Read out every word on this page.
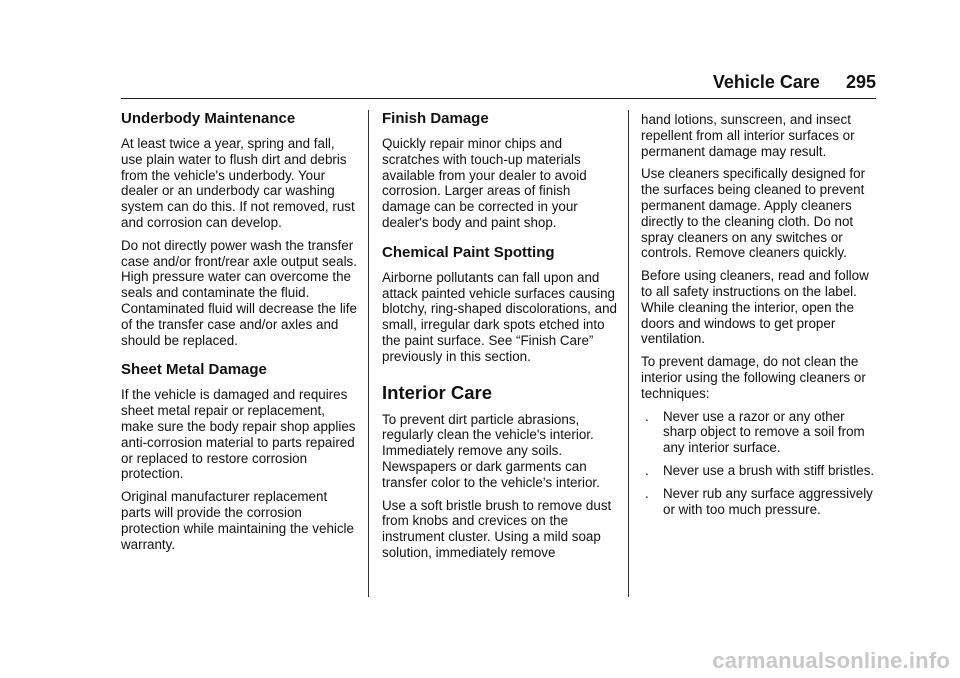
Vehicle Care 295
Underbody Maintenance

At least twice a year, spring and fall, use plain water to flush dirt and debris from the vehicle's underbody. Your dealer or an underbody car washing system can do this. If not removed, rust and corrosion can develop.

Do not directly power wash the transfer case and/or front/rear axle output seals. High pressure water can overcome the seals and contaminate the fluid. Contaminated fluid will decrease the life of the transfer case and/or axles and should be replaced.

Sheet Metal Damage

If the vehicle is damaged and requires sheet metal repair or replacement, make sure the body repair shop applies anti-corrosion material to parts repaired or replaced to restore corrosion protection.

Original manufacturer replacement parts will provide the corrosion protection while maintaining the vehicle warranty.

Finish Damage

Quickly repair minor chips and scratches with touch-up materials available from your dealer to avoid corrosion. Larger areas of finish damage can be corrected in your dealer's body and paint shop.

Chemical Paint Spotting

Airborne pollutants can fall upon and attack painted vehicle surfaces causing blotchy, ring-shaped discolorations, and small, irregular dark spots etched into the paint surface. See “Finish Care” previously in this section.

Interior Care

To prevent dirt particle abrasions, regularly clean the vehicle's interior. Immediately remove any soils. Newspapers or dark garments can transfer color to the vehicle’s interior.

Use a soft bristle brush to remove dust from knobs and crevices on the instrument cluster. Using a mild soap solution, immediately remove

hand lotions, sunscreen, and insect repellent from all interior surfaces or permanent damage may result.

Use cleaners specifically designed for the surfaces being cleaned to prevent permanent damage. Apply cleaners directly to the cleaning cloth. Do not spray cleaners on any switches or controls. Remove cleaners quickly.

Before using cleaners, read and follow to all safety instructions on the label. While cleaning the interior, open the doors and windows to get proper ventilation.

To prevent damage, do not clean the interior using the following cleaners or techniques:

. Never use a razor or any other sharp object to remove a soil from any interior surface.
. Never use a brush with stiff bristles.
. Never rub any surface aggressively or with too much pressure.
carmanualsonline.info
